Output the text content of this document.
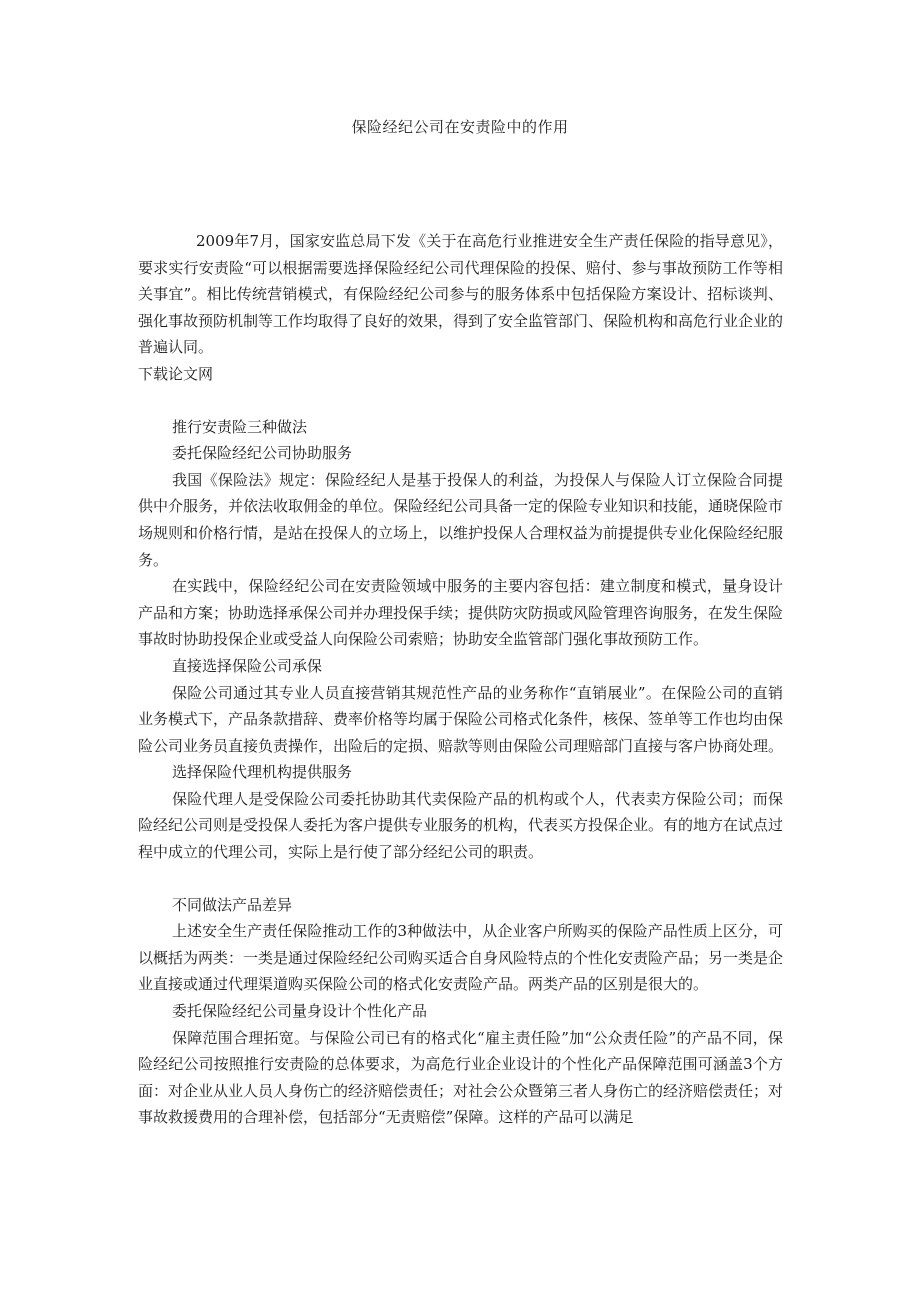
保险经纪公司在安责险中的作用

2009年7月，国家安监总局下发《关于在高危行业推进安全生产责任保险的指导意见》，要求实行安责险“可以根据需要选择保险经纪公司代理保险的投保、赔付、参与事故预防工作等相关事宜”。相比传统营销模式，有保险经纪公司参与的服务体系中包括保险方案设计、招标谈判、强化事故预防机制等工作均取得了良好的效果，得到了安全监管部门、保险机构和高危行业企业的普遍认同。

下载论文网

推行安责险三种做法

委托保险经纪公司协助服务

我国《保险法》规定：保险经纪人是基于投保人的利益，为投保人与保险人订立保险合同提供中介服务，并依法收取佣金的单位。保险经纪公司具备一定的保险专业知识和技能，通晓保险市场规则和价格行情，是站在投保人的立场上，以维护投保人合理权益为前提提供专业化保险经纪服务。

在实践中，保险经纪公司在安责险领域中服务的主要内容包括：建立制度和模式，量身设计产品和方案；协助选择承保公司并办理投保手续；提供防灾防损或风险管理咨询服务，在发生保险事故时协助投保企业或受益人向保险公司索赔；协助安全监管部门强化事故预防工作。

直接选择保险公司承保

保险公司通过其专业人员直接营销其规范性产品的业务称作“直销展业”。在保险公司的直销业务模式下，产品条款措辞、费率价格等均属于保险公司格式化条件，核保、签单等工作也均由保险公司业务员直接负责操作，出险后的定损、赔款等则由保险公司理赔部门直接与客户协商处理。

选择保险代理机构提供服务

保险代理人是受保险公司委托协助其代卖保险产品的机构或个人，代表卖方保险公司；而保险经纪公司则是受投保人委托为客户提供专业服务的机构，代表买方投保企业。有的地方在试点过程中成立的代理公司，实际上是行使了部分经纪公司的职责。

不同做法产品差异

上述安全生产责任保险推动工作的3种做法中，从企业客户所购买的保险产品性质上区分，可以概括为两类：一类是通过保险经纪公司购买适合自身风险特点的个性化安责险产品；另一类是企业直接或通过代理渠道购买保险公司的格式化安责险产品。两类产品的区别是很大的。

委托保险经纪公司量身设计个性化产品

保障范围合理拓宽。与保险公司已有的格式化“雇主责任险”加“公众责任险”的产品不同，保险经纪公司按照推行安责险的总体要求，为高危行业企业设计的个性化产品保障范围可涵盖3个方面：对企业从业人员人身伤亡的经济赔偿责任；对社会公众暨第三者人身伤亡的经济赔偿责任；对事故救援费用的合理补偿，包括部分“无责赔偿”保障。这样的产品可以满足
